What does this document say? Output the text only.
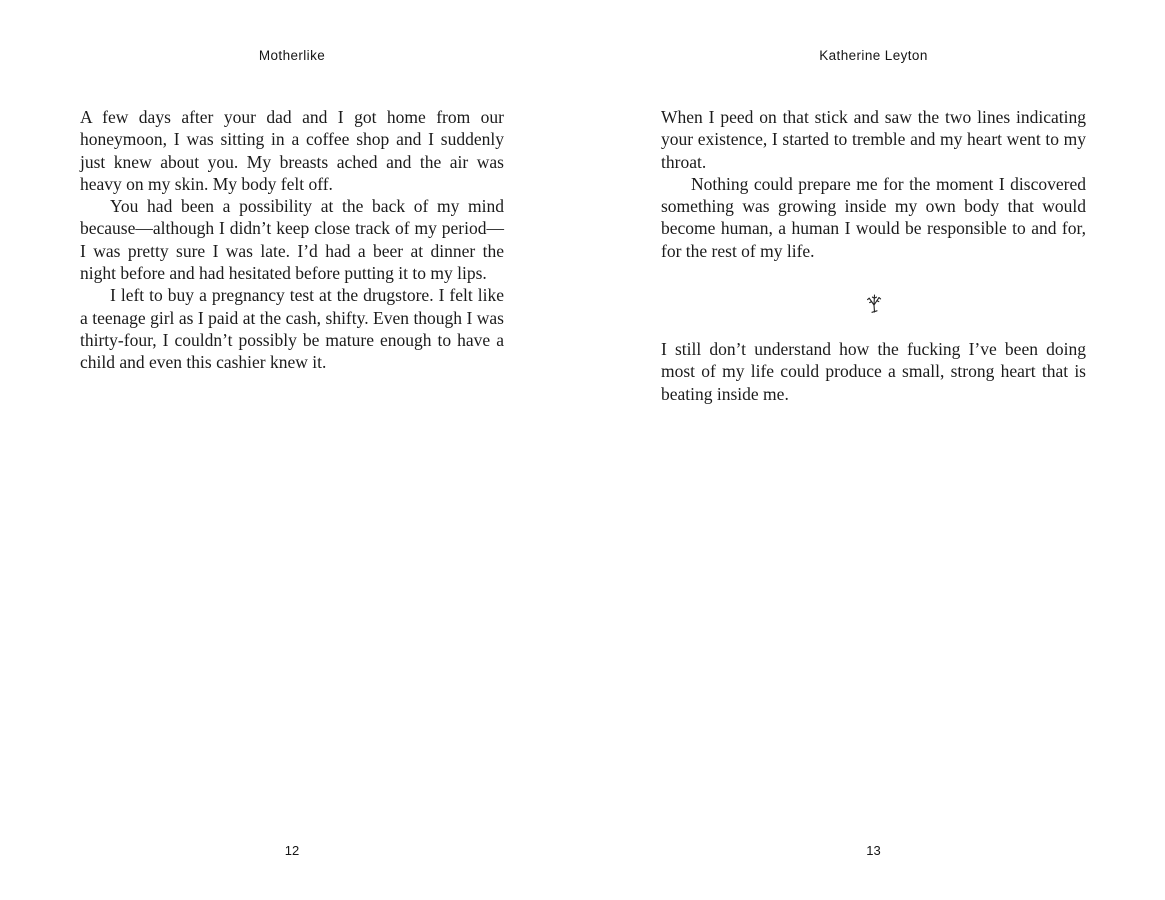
Motherlike

A few days after your dad and I got home from our honeymoon, I was sitting in a coffee shop and I suddenly just knew about you. My breasts ached and the air was heavy on my skin. My body felt off.

You had been a possibility at the back of my mind because—although I didn’t keep close track of my period—I was pretty sure I was late. I’d had a beer at dinner the night before and had hesitated before putting it to my lips.

I left to buy a pregnancy test at the drugstore. I felt like a teenage girl as I paid at the cash, shifty. Even though I was thirty-four, I couldn’t possibly be mature enough to have a child and even this cashier knew it.

12
Katherine Leyton

When I peed on that stick and saw the two lines indicating your existence, I started to tremble and my heart went to my throat.

Nothing could prepare me for the moment I discovered something was growing inside my own body that would become human, a human I would be responsible to and for, for the rest of my life.

I still don’t understand how the fucking I’ve been doing most of my life could produce a small, strong heart that is beating inside me.

13
